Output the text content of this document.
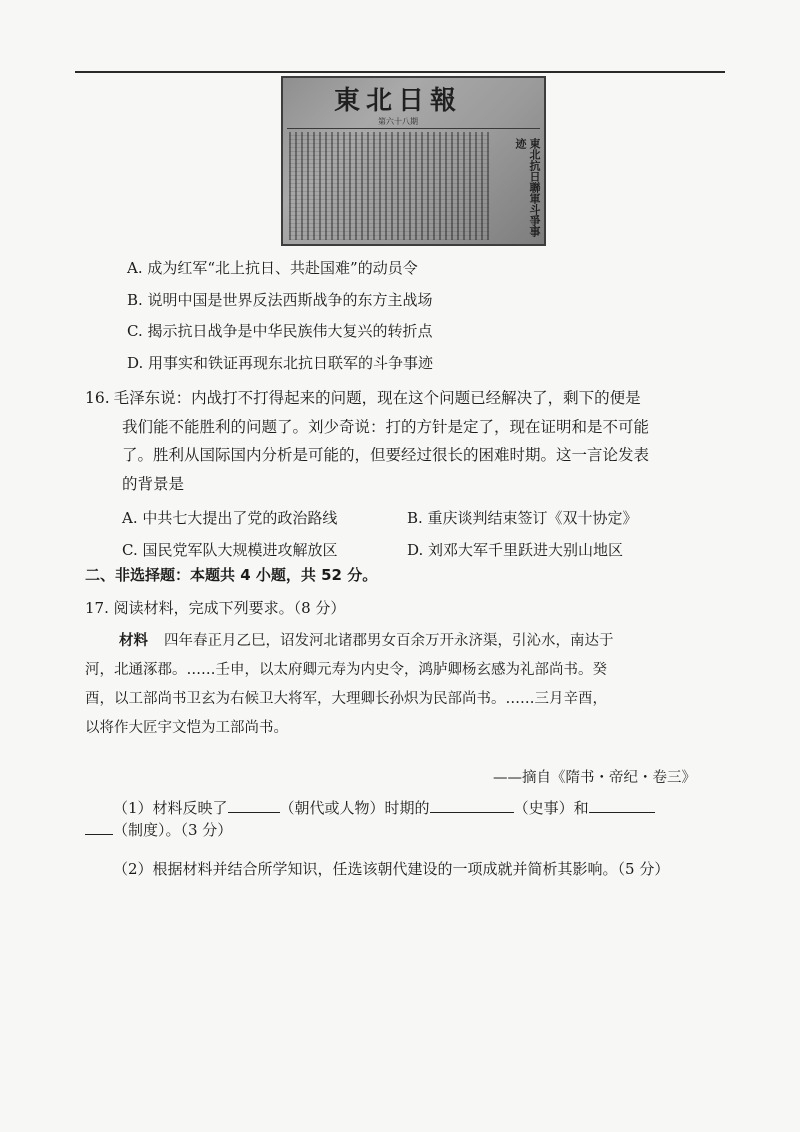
東北日報
第六十八期
東北抗日聯軍斗爭事迹
A. 成为红军“北上抗日、共赴国难”的动员令
B. 说明中国是世界反法西斯战争的东方主战场
C. 揭示抗日战争是中华民族伟大复兴的转折点
D. 用事实和铁证再现东北抗日联军的斗争事迹
16. 毛泽东说：内战打不打得起来的问题，现在这个问题已经解决了，剩下的便是
我们能不能胜利的问题了。刘少奇说：打的方针是定了，现在证明和是不可能
了。胜利从国际国内分析是可能的，但要经过很长的困难时期。这一言论发表
的背景是
A. 中共七大提出了党的政治路线	B. 重庆谈判结束签订《双十协定》
C. 国民党军队大规模进攻解放区	D. 刘邓大军千里跃进大别山地区
二、非选择题：本题共 4 小题，共 52 分。
17. 阅读材料，完成下列要求。（8 分）
材料 四年春正月乙巳，诏发河北诸郡男女百余万开永济渠，引沁水，南达于
河，北通涿郡。……壬申，以太府卿元寿为内史令，鸿胪卿杨玄感为礼部尚书。癸
酉，以工部尚书卫玄为右候卫大将军，大理卿长孙炽为民部尚书。……三月辛酉，
以将作大匠宇文恺为工部尚书。
——摘自《隋书・帝纪・卷三》
（1）材料反映了	（朝代或人物）时期的	（史事）和
（制度）。（3 分）
（2）根据材料并结合所学知识，任选该朝代建设的一项成就并简析其影响。（5 分）
